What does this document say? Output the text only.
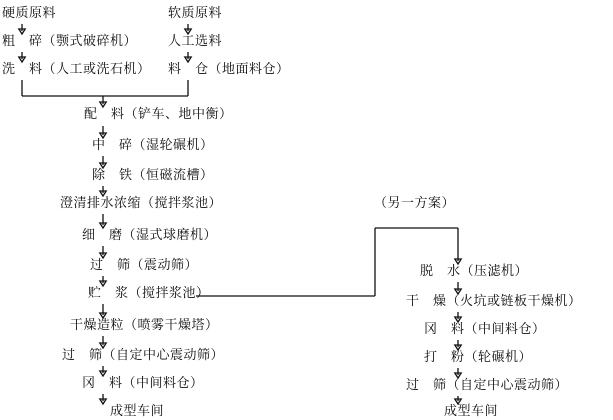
硬质原料	软质原料
粗　碎（颚式破碎机） 人工选料
洗　料（人工或洗石机） 料　仓（地面料仓）
配　料（铲车、地中衡）
中　碎（湿轮碾机）
除　铁（恒磁流槽）
澄清排水浓缩（搅拌浆池）
细　磨（湿式球磨机）
过　筛（震动筛）
贮　浆（搅拌浆池）
干燥造粒（喷雾干燥塔）
过　筛（自定中心震动筛）
冈　料（中间料仓）
成型车间
（另一方案）
脱　水（压滤机）
干　燥（火坑或链板干燥机）
冈　料（中间料仓）
打　粉（轮碾机）
过　筛（自定中心震动筛）
成型车间
